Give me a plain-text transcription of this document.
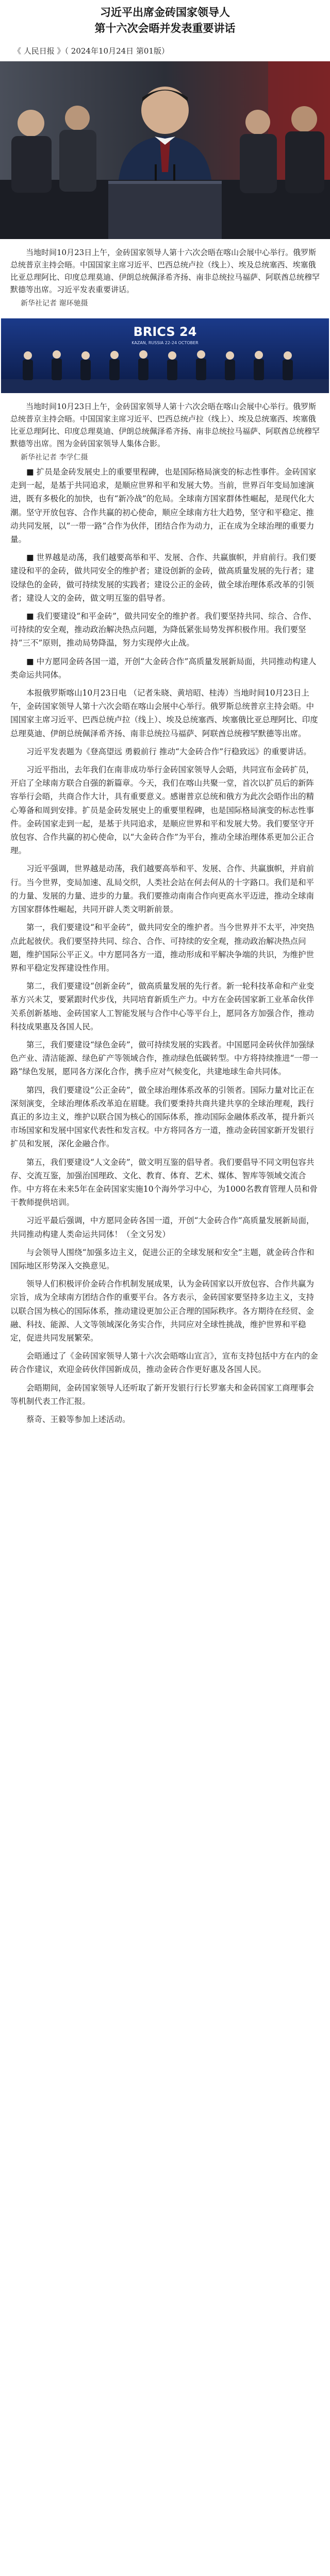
习近平出席金砖国家领导人
第十六次会晤并发表重要讲话
《 人民日报 》（ 2024年10月24日 第01版）
当地时间10月23日上午，金砖国家领导人第十六次会晤在喀山会展中心举行。俄罗斯总统普京主持会晤。中国国家主席习近平、巴西总统卢拉（线上）、埃及总统塞西、埃塞俄比亚总理阿比、印度总理莫迪、伊朗总统佩泽希齐扬、南非总统拉马福萨、阿联酋总统穆罕默德等出席。习近平发表重要讲话。
新华社记者 谢环驰摄
BRICS 24
KAZAN, RUSSIA 22-24 OCTOBER
当地时间10月23日上午，金砖国家领导人第十六次会晤在喀山会展中心举行。俄罗斯总统普京主持会晤。中国国家主席习近平、巴西总统卢拉（线上）、埃及总统塞西、埃塞俄比亚总理阿比、印度总理莫迪、伊朗总统佩泽希齐扬、南非总统拉马福萨、阿联酋总统穆罕默德等出席。图为金砖国家领导人集体合影。
新华社记者 李学仁摄

■ 扩员是金砖发展史上的重要里程碑，也是国际格局演变的标志性事件。金砖国家走到一起，是基于共同追求，是顺应世界和平和发展大势。当前，世界百年变局加速演进，既有多极化的加快，也有“新冷战”的危局。全球南方国家群体性崛起，是现代化大潮。坚守开放包容、合作共赢的初心使命，顺应全球南方壮大趋势，坚守和平稳定、推动共同发展，以“一带一路”合作为伙伴，团结合作为动力，正在成为全球治理的重要力量。

■ 世界越是动荡，我们越要高举和平、发展、合作、共赢旗帜，并肩前行。我们要建设和平的金砖，做共同安全的维护者；建设创新的金砖，做高质量发展的先行者；建设绿色的金砖，做可持续发展的实践者；建设公正的金砖，做全球治理体系改革的引领者；建设人文的金砖，做文明互鉴的倡导者。

■ 我们要建设“和平金砖”，做共同安全的维护者。我们要坚持共同、综合、合作、可持续的安全观，推动政治解决热点问题，为降低紧张局势发挥积极作用。我们要坚持“三不”原则，推动局势降温，努力实现停火止战。

■ 中方愿同金砖各国一道，开创“大金砖合作”高质量发展新局面，共同推动构建人类命运共同体。

本报俄罗斯喀山10月23日电 （记者朱晓、黄培昭、桂涛）当地时间10月23日上午，金砖国家领导人第十六次会晤在喀山会展中心举行。俄罗斯总统普京主持会晤。中国国家主席习近平、巴西总统卢拉（线上）、埃及总统塞西、埃塞俄比亚总理阿比、印度总理莫迪、伊朗总统佩泽希齐扬、南非总统拉马福萨、阿联酋总统穆罕默德等出席。

习近平发表题为《登高望远 勇毅前行 推动“大金砖合作”行稳致远》的重要讲话。

习近平指出，去年我们在南非成功举行金砖国家领导人会晤，共同宣布金砖扩员，开启了全球南方联合自强的新篇章。今天，我们在喀山共聚一堂，首次以扩员后的新阵容举行会晤，共商合作大计，具有重要意义。感谢普京总统和俄方为此次会晤作出的精心筹备和周到安排。扩员是金砖发展史上的重要里程碑，也是国际格局演变的标志性事件。金砖国家走到一起，是基于共同追求，是顺应世界和平和发展大势。我们要坚守开放包容、合作共赢的初心使命，以“大金砖合作”为平台，推动全球治理体系更加公正合理。

习近平强调，世界越是动荡，我们越要高举和平、发展、合作、共赢旗帜，并肩前行。当今世界，变局加速、乱局交织，人类社会站在何去何从的十字路口。我们是和平的力量、发展的力量、进步的力量。我们要推动南南合作向更高水平迈进，推动全球南方国家群体性崛起，共同开辟人类文明新前景。

第一，我们要建设“和平金砖”，做共同安全的维护者。当今世界并不太平，冲突热点此起彼伏。我们要坚持共同、综合、合作、可持续的安全观，推动政治解决热点问题，维护国际公平正义。中方愿同各方一道，推动形成和平解决争端的共识，为维护世界和平稳定发挥建设性作用。

第二，我们要建设“创新金砖”，做高质量发展的先行者。新一轮科技革命和产业变革方兴未艾，要紧跟时代步伐，共同培育新质生产力。中方在金砖国家新工业革命伙伴关系创新基地、金砖国家人工智能发展与合作中心等平台上，愿同各方加强合作，推动科技成果惠及各国人民。

第三，我们要建设“绿色金砖”，做可持续发展的实践者。中国愿同金砖伙伴加强绿色产业、清洁能源、绿色矿产等领域合作，推动绿色低碳转型。中方将持续推进“一带一路”绿色发展，愿同各方深化合作，携手应对气候变化，共建地球生命共同体。

第四，我们要建设“公正金砖”，做全球治理体系改革的引领者。国际力量对比正在深刻演变，全球治理体系改革迫在眉睫。我们要秉持共商共建共享的全球治理观，践行真正的多边主义，维护以联合国为核心的国际体系，推动国际金融体系改革，提升新兴市场国家和发展中国家代表性和发言权。中方将同各方一道，推动金砖国家新开发银行扩员和发展，深化金融合作。

第五，我们要建设“人文金砖”，做文明互鉴的倡导者。我们要倡导不同文明包容共存、交流互鉴，加强治国理政、文化、教育、体育、艺术、媒体、智库等领域交流合作。中方将在未来5年在金砖国家实施10个海外学习中心，为1000名教育管理人员和骨干教师提供培训。

习近平最后强调，中方愿同金砖各国一道，开创“大金砖合作”高质量发展新局面，共同推动构建人类命运共同体！（全文另发）

与会领导人围绕“加强多边主义，促进公正的全球发展和安全”主题，就金砖合作和国际地区形势深入交换意见。

领导人们积极评价金砖合作机制发展成果，认为金砖国家以开放包容、合作共赢为宗旨，成为全球南方团结合作的重要平台。各方表示，金砖国家要坚持多边主义，支持以联合国为核心的国际体系，推动建设更加公正合理的国际秩序。各方期待在经贸、金融、科技、能源、人文等领域深化务实合作，共同应对全球性挑战，维护世界和平稳定，促进共同发展繁荣。

会晤通过了《金砖国家领导人第十六次会晤喀山宣言》，宣布支持包括中方在内的金砖合作建议，欢迎金砖伙伴国新成员，推动金砖合作更好惠及各国人民。

会晤期间，金砖国家领导人还听取了新开发银行行长罗塞夫和金砖国家工商理事会等机制代表工作汇报。

蔡奇、王毅等参加上述活动。
